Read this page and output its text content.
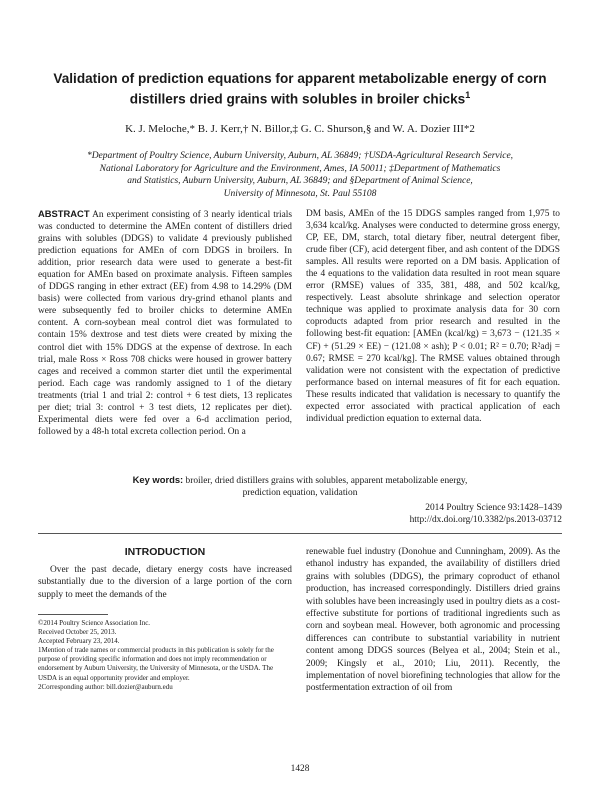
Validation of prediction equations for apparent metabolizable energy of corn
distillers dried grains with solubles in broiler chicks$^1$

K. J. Meloche,* B. J. Kerr,† N. Billor,‡ G. C. Shurson,§ and W. A. Dozier III*2

*Department of Poultry Science, Auburn University, Auburn, AL 36849; †USDA-Agricultural Research Service,
National Laboratory for Agriculture and the Environment, Ames, IA 50011; ‡Department of Mathematics
and Statistics, Auburn University, Auburn, AL 36849; and §Department of Animal Science,
University of Minnesota, St. Paul 55108

ABSTRACT An experiment consisting of 3 nearly identical trials was conducted to determine the AMEn content of distillers dried grains with solubles (DDGS) to validate 4 previously published prediction equations for AMEn of corn DDGS in broilers. In addition, prior research data were used to generate a best-fit equation for AMEn based on proximate analysis. Fifteen samples of DDGS ranging in ether extract (EE) from 4.98 to 14.29% (DM basis) were collected from various dry-grind ethanol plants and were subsequently fed to broiler chicks to determine AMEn content. A corn-soybean meal control diet was formulated to contain 15% dextrose and test diets were created by mixing the control diet with 15% DDGS at the expense of dextrose. In each trial, male Ross × Ross 708 chicks were housed in grower battery cages and received a common starter diet until the experimental period. Each cage was randomly assigned to 1 of the dietary treatments (trial 1 and trial 2: control + 6 test diets, 13 replicates per diet; trial 3: control + 3 test diets, 12 replicates per diet). Experimental diets were fed over a 6-d acclimation period, followed by a 48-h total excreta collection period. On a

DM basis, AMEn of the 15 DDGS samples ranged from 1,975 to 3,634 kcal/kg. Analyses were conducted to determine gross energy, CP, EE, DM, starch, total dietary fiber, neutral detergent fiber, crude fiber (CF), acid detergent fiber, and ash content of the DDGS samples. All results were reported on a DM basis. Application of the 4 equations to the validation data resulted in root mean square error (RMSE) values of 335, 381, 488, and 502 kcal/kg, respectively. Least absolute shrinkage and selection operator technique was applied to proximate analysis data for 30 corn coproducts adapted from prior research and resulted in the following best-fit equation: [AMEn (kcal/kg) = 3,673 − (121.35 × CF) + (51.29 × EE) − (121.08 × ash); P < 0.01; R² = 0.70; R²adj = 0.67; RMSE = 270 kcal/kg]. The RMSE values obtained through validation were not consistent with the expectation of predictive performance based on internal measures of fit for each equation. These results indicated that validation is necessary to quantify the expected error associated with practical application of each individual prediction equation to external data.

Key words: broiler, dried distillers grains with solubles, apparent metabolizable energy,
prediction equation, validation

2014 Poultry Science 93:1428–1439
http://dx.doi.org/10.3382/ps.2013-03712

INTRODUCTION

Over the past decade, dietary energy costs have increased substantially due to the diversion of a large portion of the corn supply to meet the demands of the

renewable fuel industry (Donohue and Cunningham, 2009). As the ethanol industry has expanded, the availability of distillers dried grains with solubles (DDGS), the primary coproduct of ethanol production, has increased correspondingly. Distillers dried grains with solubles have been increasingly used in poultry diets as a cost-effective substitute for portions of traditional ingredients such as corn and soybean meal. However, both agronomic and processing differences can contribute to substantial variability in nutrient content among DDGS sources (Belyea et al., 2004; Stein et al., 2009; Kingsly et al., 2010; Liu, 2011). Recently, the implementation of novel biorefining technologies that allow for the postfermentation extraction of oil from

©2014 Poultry Science Association Inc.
Received October 25, 2013.
Accepted February 23, 2014.
1Mention of trade names or commercial products in this publication is solely for the purpose of providing specific information and does not imply recommendation or endorsement by Auburn University, the University of Minnesota, or the USDA. The USDA is an equal opportunity provider and employer.
2Corresponding author: bill.dozier@auburn.edu

1428
